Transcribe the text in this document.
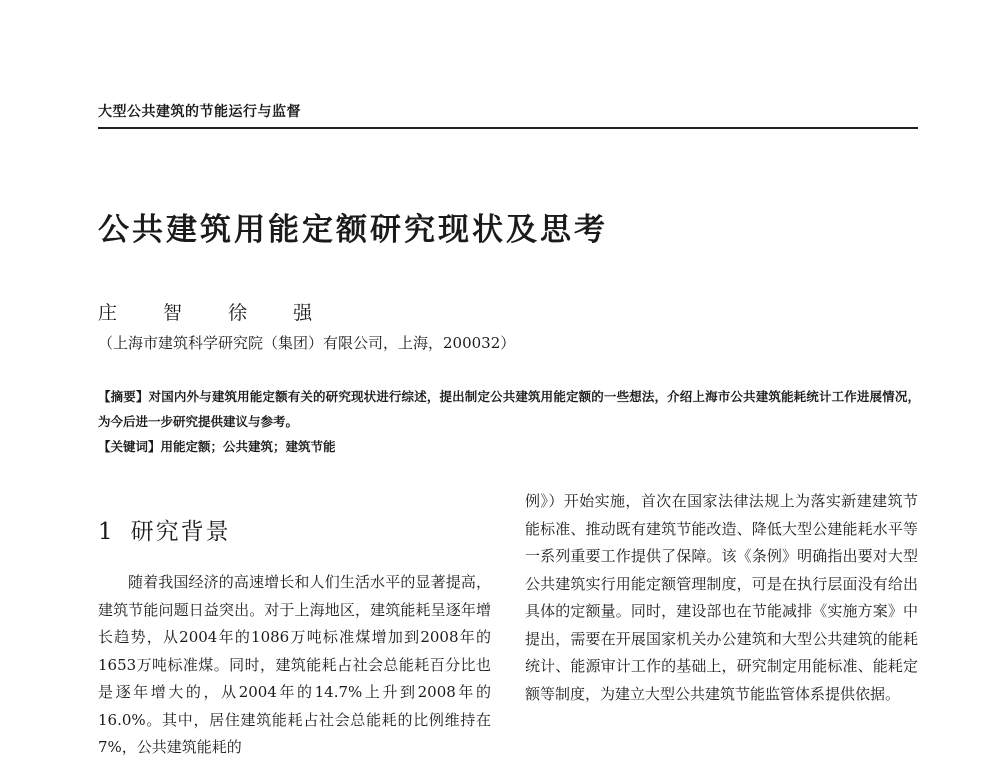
大型公共建筑的节能运行与监督
公共建筑用能定额研究现状及思考
庄 智 徐 强
（上海市建筑科学研究院（集团）有限公司，上海，200032）
【摘要】对国内外与建筑用能定额有关的研究现状进行综述，提出制定公共建筑用能定额的一些想法，介绍上海市公共建筑能耗统计工作进展情况，为今后进一步研究提供建议与参考。
【关键词】用能定额；公共建筑；建筑节能
1 研究背景

随着我国经济的高速增长和人们生活水平的显著提高，建筑节能问题日益突出。对于上海地区，建筑能耗呈逐年增长趋势，从2004年的1086万吨标准煤增加到2008年的1653万吨标准煤。同时，建筑能耗占社会总能耗百分比也是逐年增大的，从2004年的14.7%上升到2008年的16.0%。其中，居住建筑能耗占社会总能耗的比例维持在7%，公共建筑能耗的

例》）开始实施，首次在国家法律法规上为落实新建建筑节能标准、推动既有建筑节能改造、降低大型公建能耗水平等一系列重要工作提供了保障。该《条例》明确指出要对大型公共建筑实行用能定额管理制度，可是在执行层面没有给出具体的定额量。同时，建设部也在节能减排《实施方案》中提出，需要在开展国家机关办公建筑和大型公共建筑的能耗统计、能源审计工作的基础上，研究制定用能标准、能耗定额等制度，为建立大型公共建筑节能监管体系提供依据。
